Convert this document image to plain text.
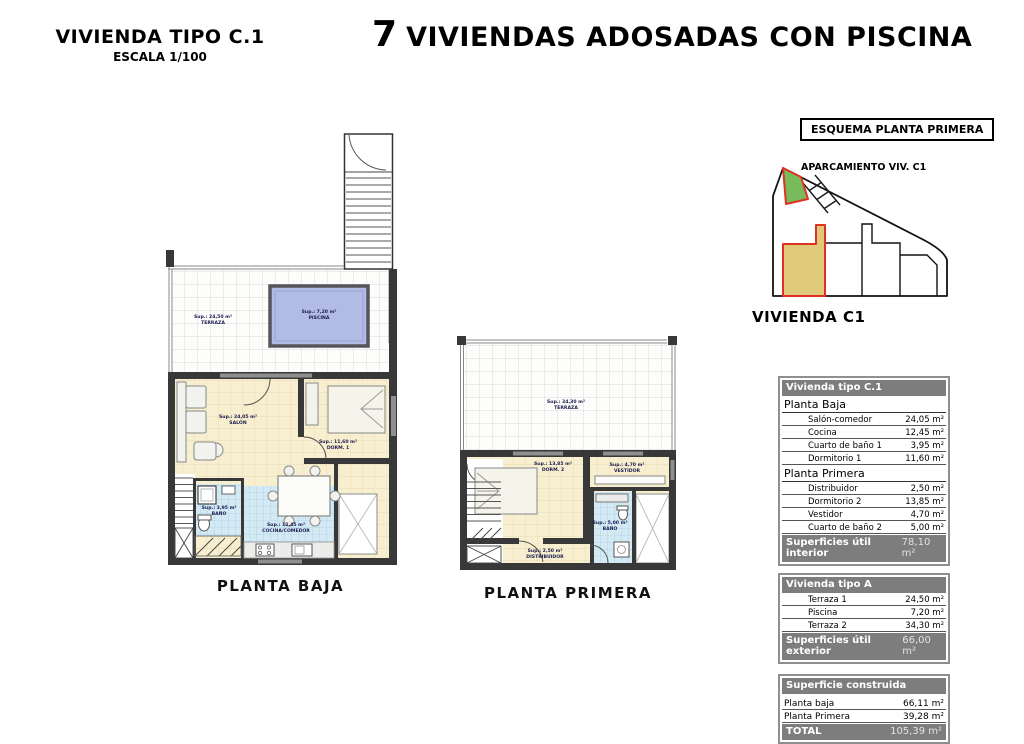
VIVIENDA TIPO C.1
ESCALA 1/100
7 VIVIENDAS ADOSADAS CON PISCINA
Sup.: 24,50 m²
TERRAZA
Sup.: 7,20 m²
PISCINA
Sup.: 24,05 m²
SALÓN
Sup.: 11,60 m²
DORM. 1
Sup.: 3,95 m²
BAÑO
Sup.: 12,45 m²
COCINA/COMEDOR
PLANTA BAJA
Sup.: 34,30 m²
TERRAZA
Sup.: 13,85 m²
DORM. 2
Sup.: 4,70 m²
VESTIDOR
Sup.: 5,00 m²
BAÑO
Sup.: 2,50 m²
DISTRIBUIDOR
PLANTA PRIMERA
ESQUEMA PLANTA PRIMERA
APARCAMIENTO VIV. C1
VIVIENDA C1
Vivienda tipo C.1
Planta Baja
Salón-comedor	24,05 m²
Cocina	12,45 m²
Cuarto de baño 1	3,95 m²
Dormitorio 1	11,60 m²
Planta Primera
Distribuidor	2,50 m²
Dormitorio 2	13,85 m²
Vestidor	4,70 m²
Cuarto de baño 2	5,00 m²
Superficies útil interior
78,10 m²
Vivienda tipo A
Terraza 1	24,50 m²
Piscina	7,20 m²
Terraza 2	34,30 m²
Superficies útil exterior
66,00 m²
Superficie construida
Planta baja	66,11 m²
Planta Primera	39,28 m²
TOTAL	105,39 m²
